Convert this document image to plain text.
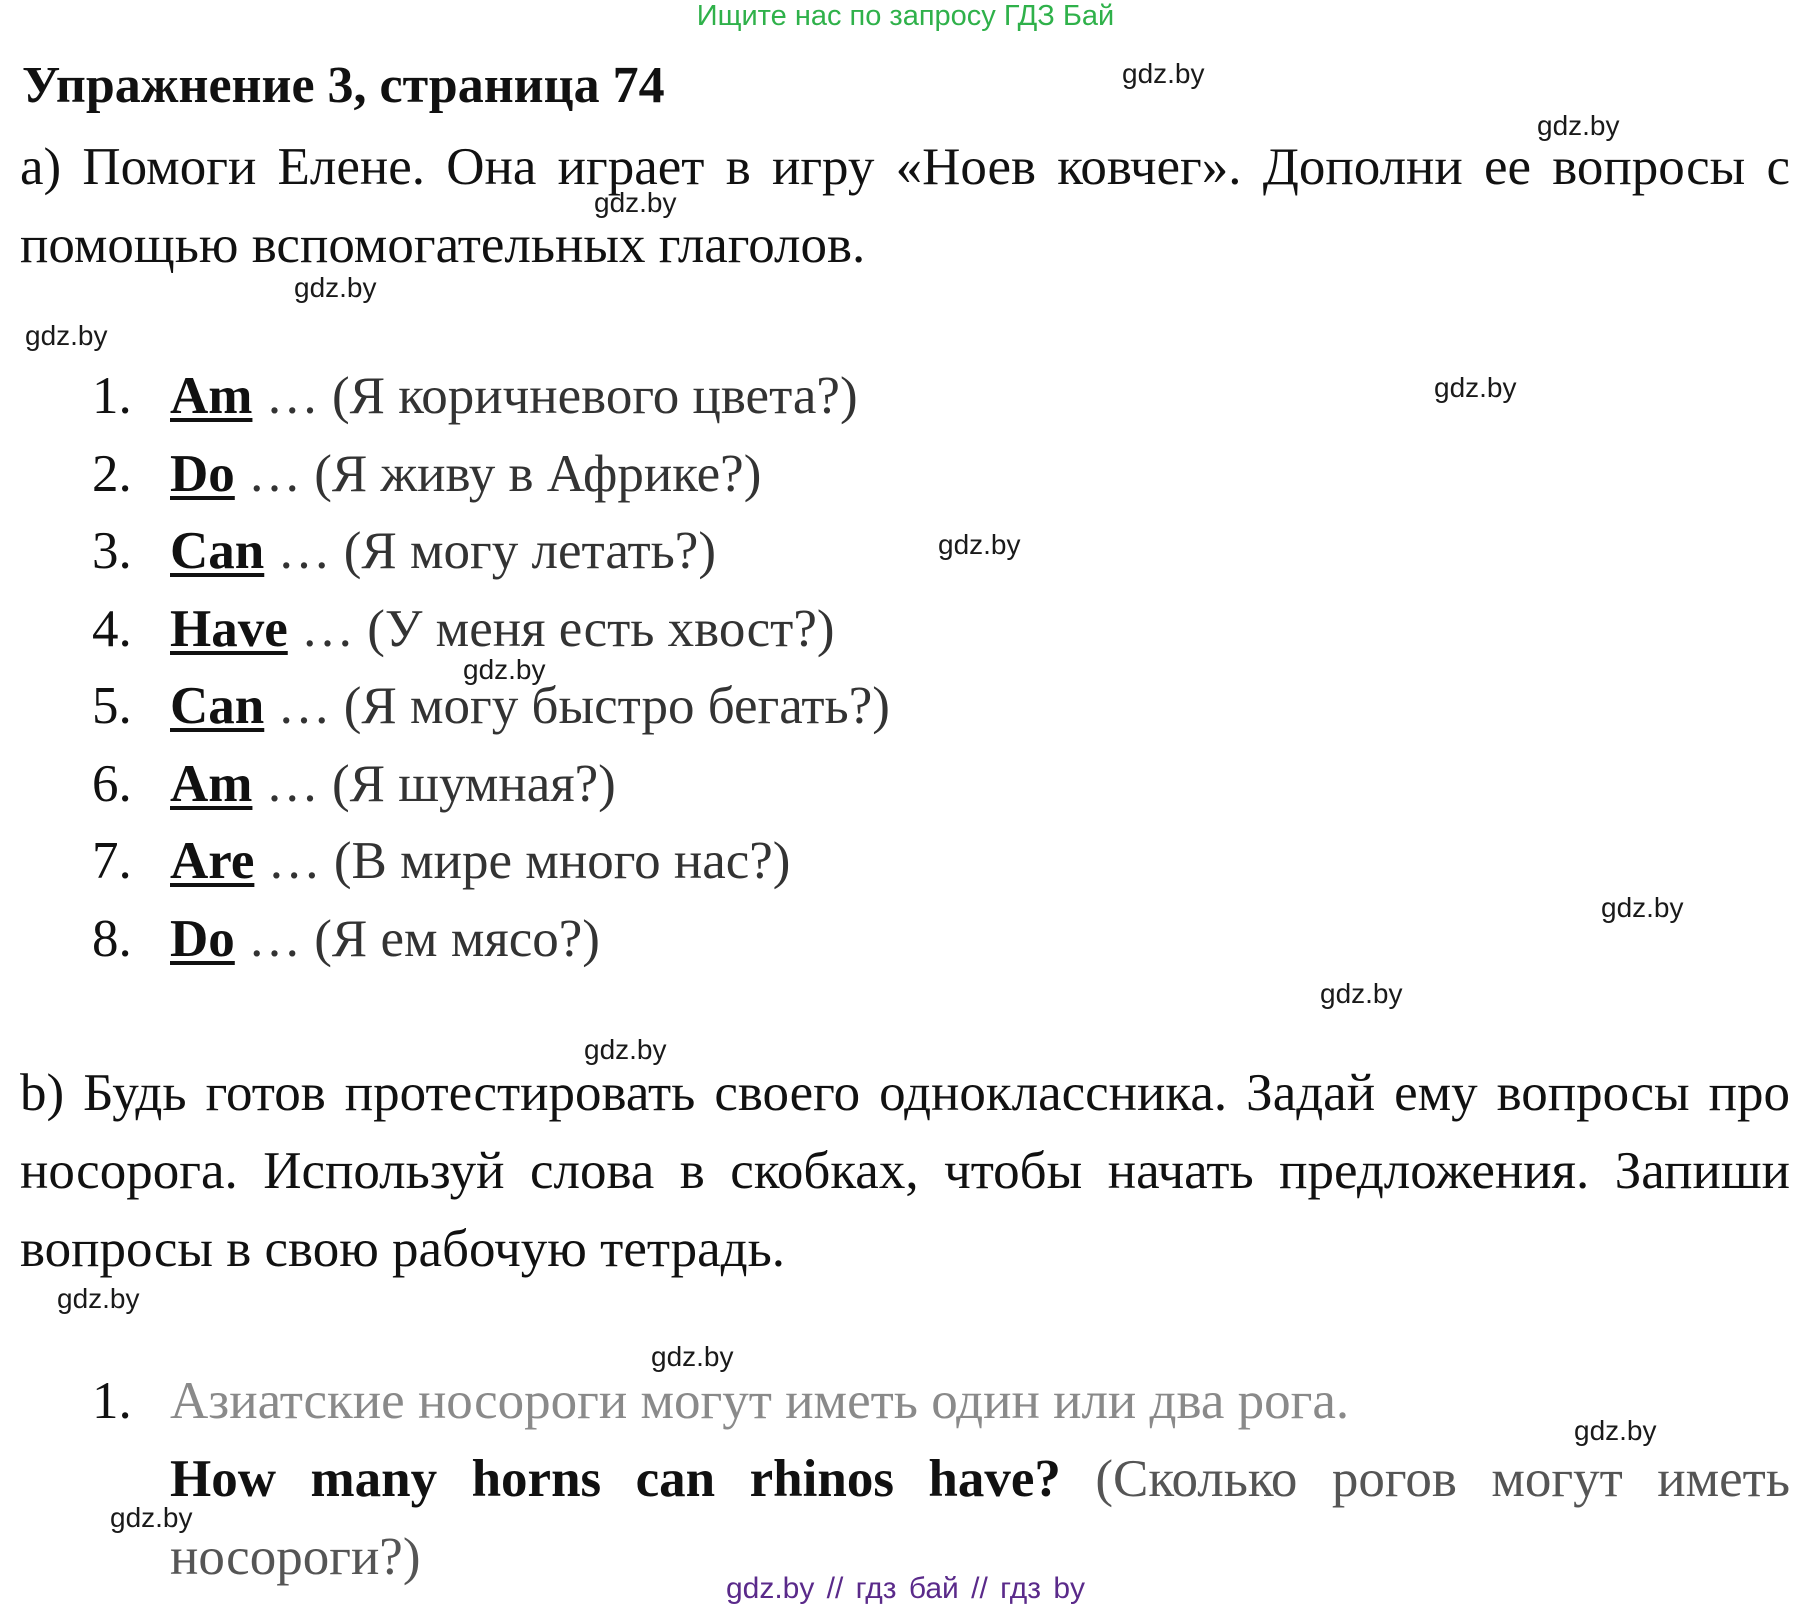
Ищите нас по запросу ГДЗ Бай
Упражнение 3, страница 74
a) Помоги Елене. Она играет в игру «Ноев ковчег». Дополни ее вопросы с помощью вспомогательных глаголов.
1. Am … (Я коричневого цвета?)
2. Do … (Я живу в Африке?)
3. Can … (Я могу летать?)
4. Have … (У меня есть хвост?)
5. Can … (Я могу быстро бегать?)
6. Am … (Я шумная?)
7. Are … (В мире много нас?)
8. Do … (Я ем мясо?)
b) Будь готов протестировать своего одноклассника. Задай ему вопросы про носорога. Используй слова в скобках, чтобы начать предложения. Запиши вопросы в свою рабочую тетрадь.
1. Азиатские носороги могут иметь один или два рога.
How many horns can rhinos have? (Сколько рогов могут иметь носороги?)
gdz.by
gdz.by
gdz.by
gdz.by
gdz.by
gdz.by
gdz.by
gdz.by
gdz.by
gdz.by
gdz.by
gdz.by
gdz.by
gdz.by
gdz.by
gdz.by // гдз бай // гдз by
